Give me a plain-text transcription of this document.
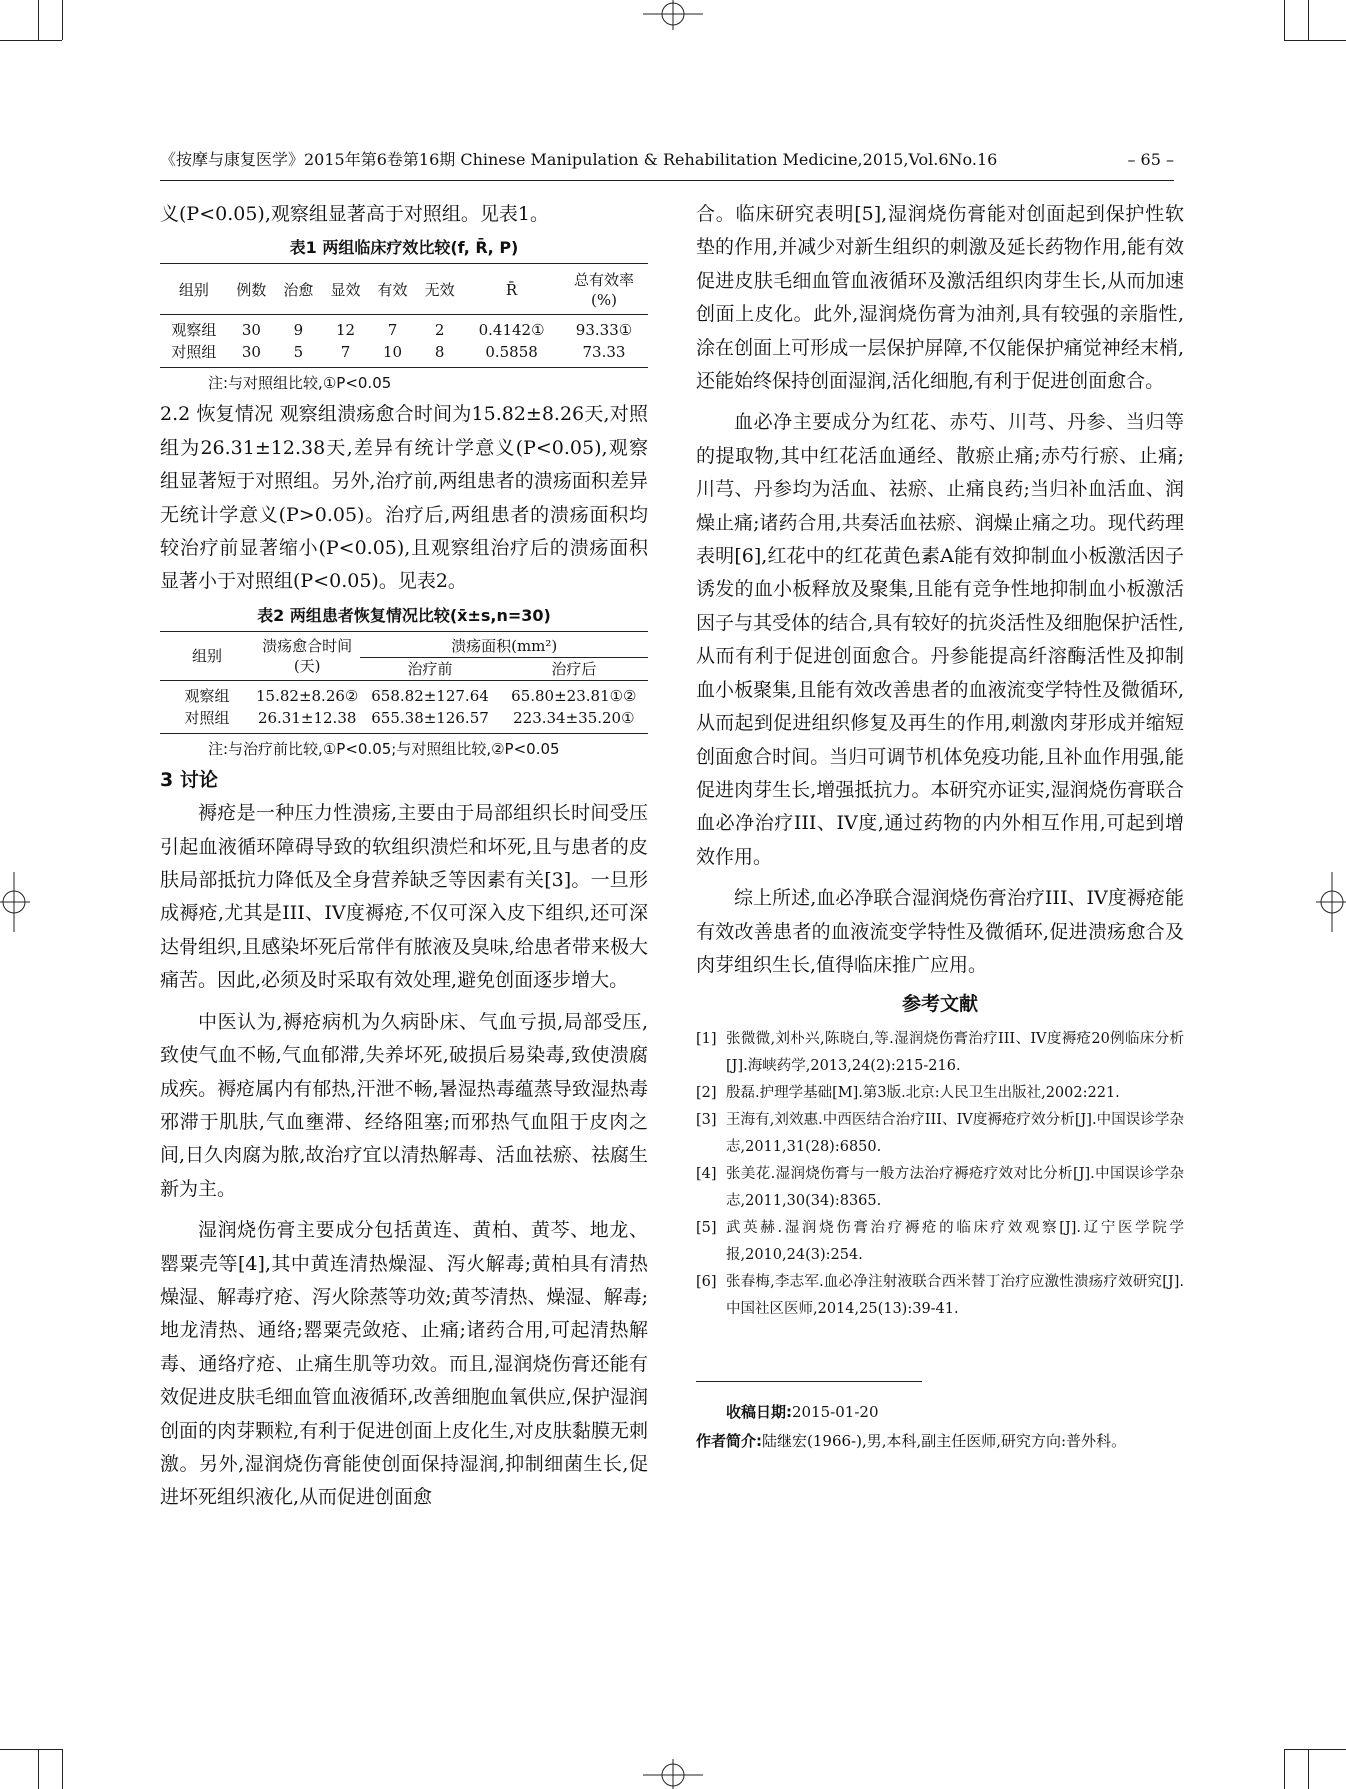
《按摩与康复医学》2015年第6卷第16期 Chinese Manipulation & Rehabilitation Medicine,2015,Vol.6No.16	– 65 –

义(P<0.05),观察组显著高于对照组。见表1。

表1 两组临床疗效比较(f, R̄, P)
组别	例数	治愈	显效	有效	无效	R̄	总有效率(%)
观察组	30	9	12	7	2	0.4142①	93.33①
对照组	30	5	7	10	8	0.5858	73.33
注:与对照组比较,①P<0.05

2.2 恢复情况 观察组溃疡愈合时间为15.82±8.26天,对照组为26.31±12.38天,差异有统计学意义(P<0.05),观察组显著短于对照组。另外,治疗前,两组患者的溃疡面积差异无统计学意义(P>0.05)。治疗后,两组患者的溃疡面积均较治疗前显著缩小(P<0.05),且观察组治疗后的溃疡面积显著小于对照组(P<0.05)。见表2。

表2 两组患者恢复情况比较(x̄±s,n=30)
组别	溃疡愈合时间(天)	溃疡面积(mm²)	
		治疗前	治疗后
观察组	15.82±8.26②	658.82±127.64	65.80±23.81①②
对照组	26.31±12.38	655.38±126.57	223.34±35.20①
注:与治疗前比较,①P<0.05;与对照组比较,②P<0.05
3 讨论

褥疮是一种压力性溃疡,主要由于局部组织长时间受压引起血液循环障碍导致的软组织溃烂和坏死,且与患者的皮肤局部抵抗力降低及全身营养缺乏等因素有关[3]。一旦形成褥疮,尤其是III、IV度褥疮,不仅可深入皮下组织,还可深达骨组织,且感染坏死后常伴有脓液及臭味,给患者带来极大痛苦。因此,必须及时采取有效处理,避免创面逐步增大。

中医认为,褥疮病机为久病卧床、气血亏损,局部受压,致使气血不畅,气血郁滞,失养坏死,破损后易染毒,致使溃腐成疾。褥疮属内有郁热,汗泄不畅,暑湿热毒蕴蒸导致湿热毒邪滞于肌肤,气血壅滞、经络阻塞;而邪热气血阻于皮肉之间,日久肉腐为脓,故治疗宜以清热解毒、活血祛瘀、祛腐生新为主。

湿润烧伤膏主要成分包括黄连、黄柏、黄芩、地龙、罂粟壳等[4],其中黄连清热燥湿、泻火解毒;黄柏具有清热燥湿、解毒疗疮、泻火除蒸等功效;黄芩清热、燥湿、解毒;地龙清热、通络;罂粟壳敛疮、止痛;诸药合用,可起清热解毒、通络疗疮、止痛生肌等功效。而且,湿润烧伤膏还能有效促进皮肤毛细血管血液循环,改善细胞血氧供应,保护湿润创面的肉芽颗粒,有利于促进创面上皮化生,对皮肤黏膜无刺激。另外,湿润烧伤膏能使创面保持湿润,抑制细菌生长,促进坏死组织液化,从而促进创面愈

合。临床研究表明[5],湿润烧伤膏能对创面起到保护性软垫的作用,并减少对新生组织的刺激及延长药物作用,能有效促进皮肤毛细血管血液循环及激活组织肉芽生长,从而加速创面上皮化。此外,湿润烧伤膏为油剂,具有较强的亲脂性,涂在创面上可形成一层保护屏障,不仅能保护痛觉神经末梢,还能始终保持创面湿润,活化细胞,有利于促进创面愈合。

血必净主要成分为红花、赤芍、川芎、丹参、当归等的提取物,其中红花活血通经、散瘀止痛;赤芍行瘀、止痛;川芎、丹参均为活血、祛瘀、止痛良药;当归补血活血、润燥止痛;诸药合用,共奏活血祛瘀、润燥止痛之功。现代药理表明[6],红花中的红花黄色素A能有效抑制血小板激活因子诱发的血小板释放及聚集,且能有竞争性地抑制血小板激活因子与其受体的结合,具有较好的抗炎活性及细胞保护活性,从而有利于促进创面愈合。丹参能提高纤溶酶活性及抑制血小板聚集,且能有效改善患者的血液流变学特性及微循环,从而起到促进组织修复及再生的作用,刺激肉芽形成并缩短创面愈合时间。当归可调节机体免疫功能,且补血作用强,能促进肉芽生长,增强抵抗力。本研究亦证实,湿润烧伤膏联合血必净治疗III、IV度,通过药物的内外相互作用,可起到增效作用。

综上所述,血必净联合湿润烧伤膏治疗III、IV度褥疮能有效改善患者的血液流变学特性及微循环,促进溃疡愈合及肉芽组织生长,值得临床推广应用。

参考文献
[1] 张微微,刘朴兴,陈晓白,等.湿润烧伤膏治疗III、IV度褥疮20例临床分析[J].海峡药学,2013,24(2):215-216.
[2] 殷磊.护理学基础[M].第3版.北京:人民卫生出版社,2002:221.
[3] 王海有,刘效惠.中西医结合治疗III、IV度褥疮疗效分析[J].中国误诊学杂志,2011,31(28):6850.
[4] 张美花.湿润烧伤膏与一般方法治疗褥疮疗效对比分析[J].中国误诊学杂志,2011,30(34):8365.
[5] 武英赫.湿润烧伤膏治疗褥疮的临床疗效观察[J].辽宁医学院学报,2010,24(3):254.
[6] 张春梅,李志军.血必净注射液联合西米替丁治疗应激性溃疡疗效研究[J].中国社区医师,2014,25(13):39-41.
收稿日期:2015-01-20
作者简介:陆继宏(1966-),男,本科,副主任医师,研究方向:普外科。
